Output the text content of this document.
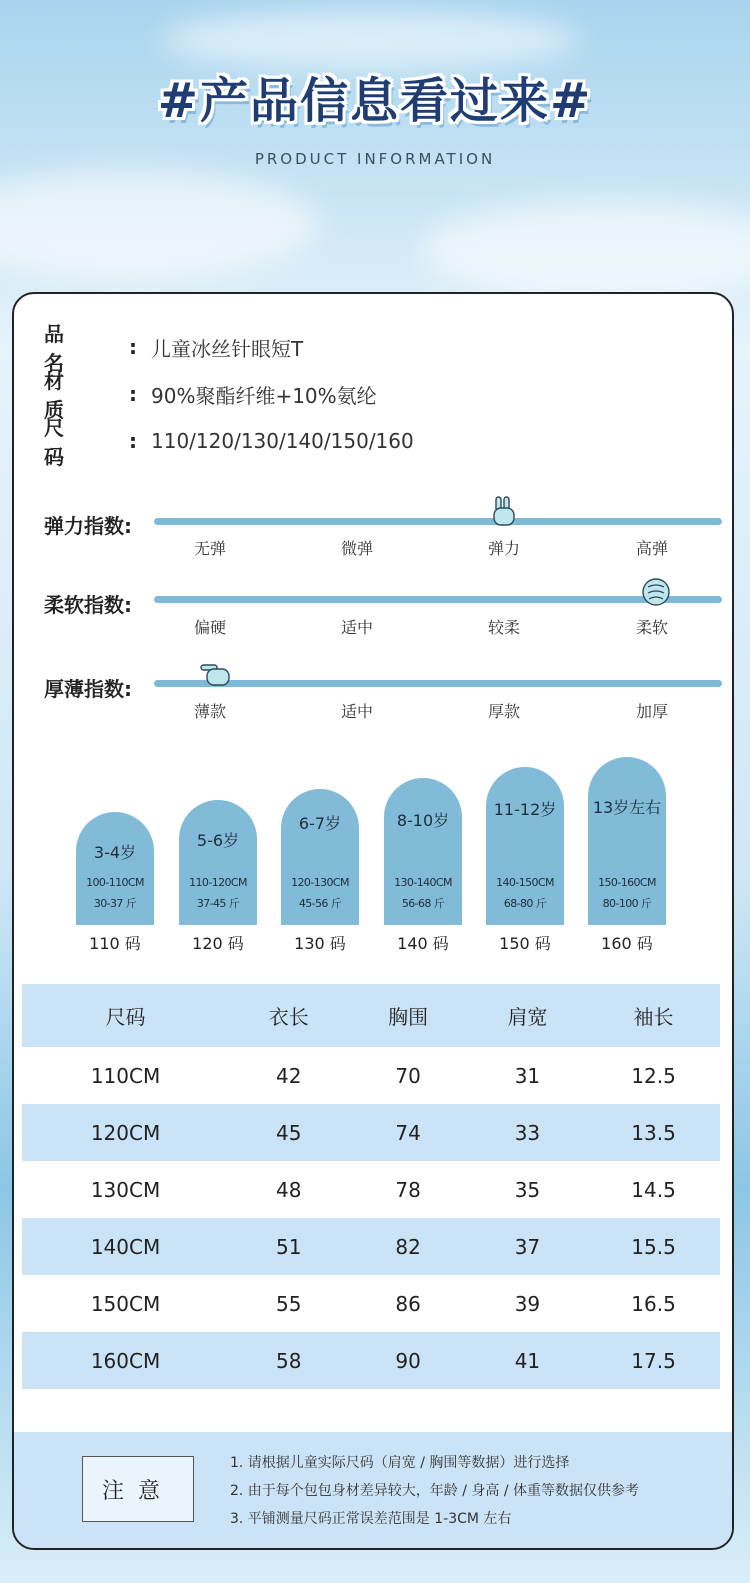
#产品信息看过来#
PRODUCT INFORMATION
品名
: 儿童冰丝针眼短T
材质
: 90%聚酯纤维+10%氨纶
尺码
: 110/120/130/140/150/160
弹力指数:
无弹	微弹	弹力	高弹
柔软指数:
偏硬	适中	较柔	柔软
厚薄指数:
薄款	适中	厚款	加厚
3-4岁
100-110CM
30-37 斤
110 码
5-6岁
110-120CM
37-45 斤
120 码
6-7岁
120-130CM
45-56 斤
130 码
8-10岁
130-140CM
56-68 斤
140 码
11-12岁
140-150CM
68-80 斤
150 码
13岁左右
150-160CM
80-100 斤
160 码
尺码	衣长	胸围	肩宽	袖长
110CM	42	70	31	12.5
120CM	45	74	33	13.5
130CM	48	78	35	14.5
140CM	51	82	37	15.5
150CM	55	86	39	16.5
160CM	58	90	41	17.5
注意
1. 请根据儿童实际尺码（肩宽 / 胸围等数据）进行选择
2. 由于每个包包身材差异较大，年龄 / 身高 / 体重等数据仅供参考
3. 平铺测量尺码正常误差范围是 1-3CM 左右
